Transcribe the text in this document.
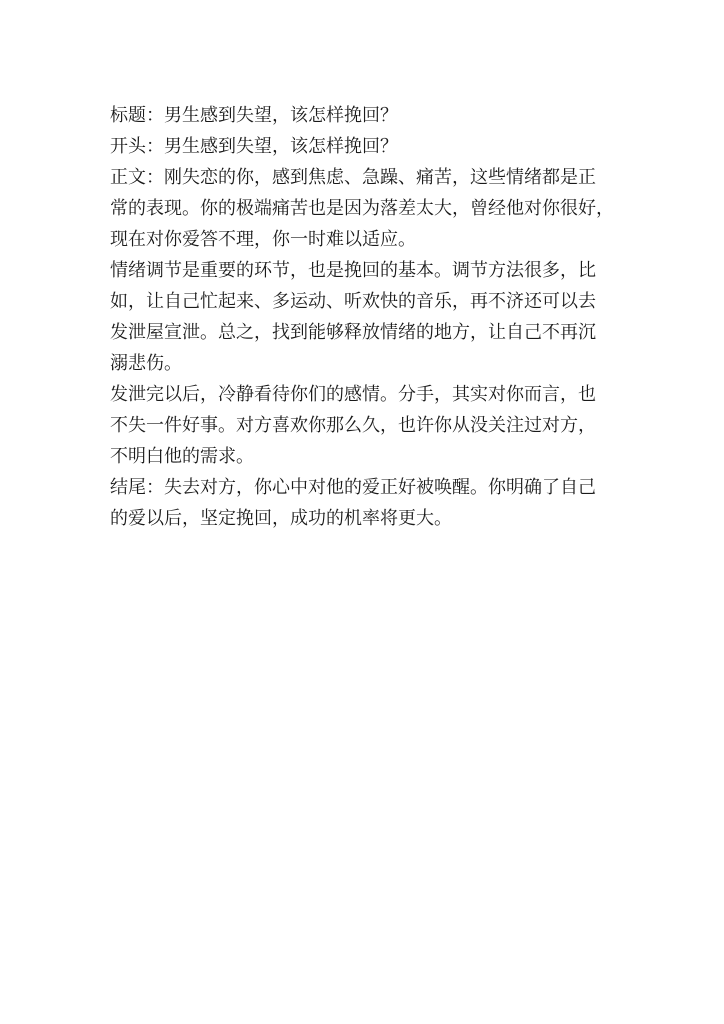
标题：男生感到失望，该怎样挽回？
开头：男生感到失望，该怎样挽回？
正文：刚失恋的你，感到焦虑、急躁、痛苦，这些情绪都是正
常的表现。你的极端痛苦也是因为落差太大，曾经他对你很好，
现在对你爱答不理，你一时难以适应。
情绪调节是重要的环节，也是挽回的基本。调节方法很多，比
如，让自己忙起来、多运动、听欢快的音乐，再不济还可以去
发泄屋宣泄。总之，找到能够释放情绪的地方，让自己不再沉
溺悲伤。
发泄完以后，冷静看待你们的感情。分手，其实对你而言，也
不失一件好事。对方喜欢你那么久，也许你从没关注过对方，
不明白他的需求。
结尾：失去对方，你心中对他的爱正好被唤醒。你明确了自己
的爱以后，坚定挽回，成功的机率将更大。
